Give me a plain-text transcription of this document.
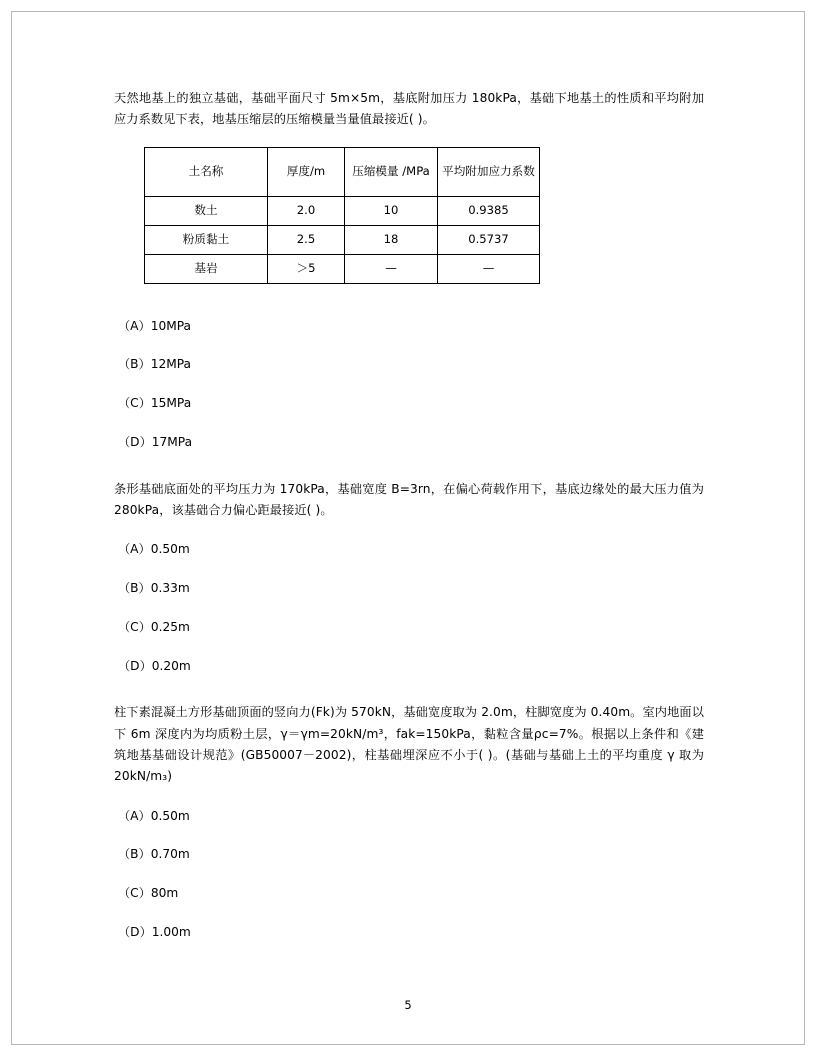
天然地基上的独立基础，基础平面尺寸 5m×5m，基底附加压力 180kPa，基础下地基土的性质和平均附加应力系数见下表，地基压缩层的压缩模量当量值最接近( )。
土名称	厚度/m	压缩模量 /MPa	平均附加应力系数
数土	2.0	10	0.9385
粉质黏土	2.5	18	0.5737
基岩	＞5	—	—
（A）10MPa
（B）12MPa
（C）15MPa
（D）17MPa
条形基础底面处的平均压力为 170kPa，基础宽度 B=3rn，在偏心荷载作用下，基底边缘处的最大压力值为 280kPa，该基础合力偏心距最接近( )。
（A）0.50m
（B）0.33m
（C）0.25m
（D）0.20m
柱下素混凝土方形基础顶面的竖向力(Fk)为 570kN，基础宽度取为 2.0m，柱脚宽度为 0.40m。室内地面以下 6m 深度内为均质粉土层，γ＝γm=20kN/m³，fak=150kPa，黏粒含量ρc=7%。根据以上条件和《建筑地基基础设计规范》(GB50007－2002)，柱基础埋深应不小于( )。(基础与基础上土的平均重度 γ 取为 20kN/m₃)
（A）0.50m
（B）0.70m
（C）80m
（D）1.00m
5
